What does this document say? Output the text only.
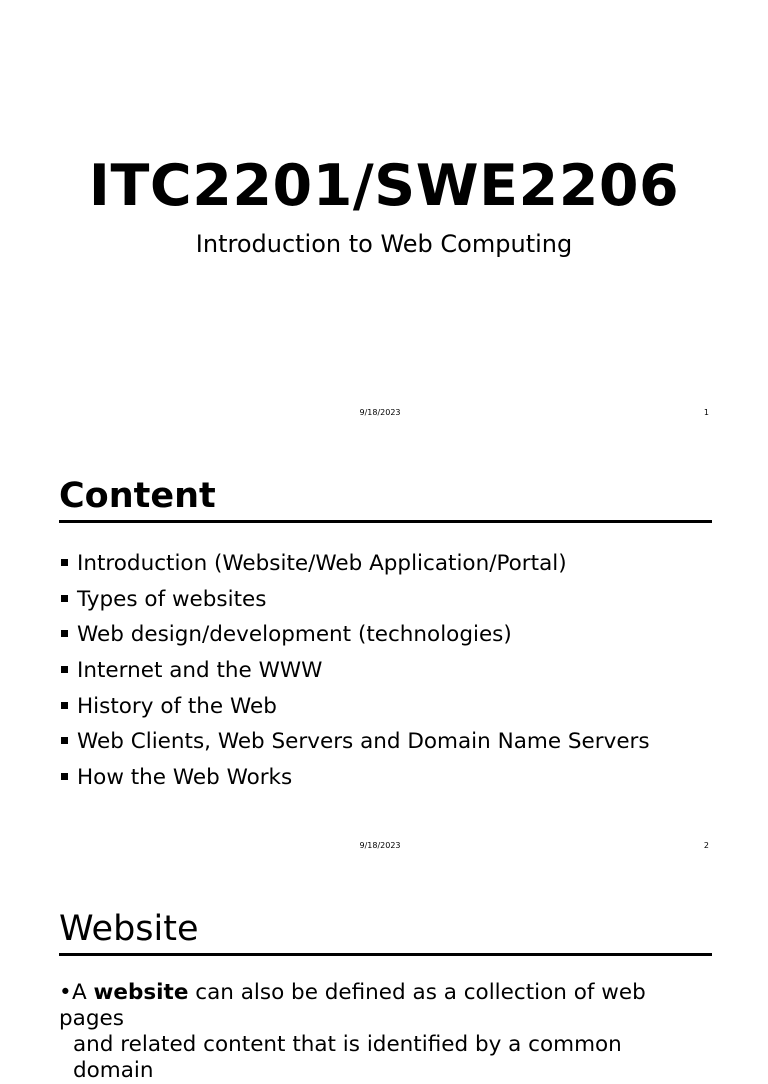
ITC2201/SWE2206
Introduction to Web Computing
9/18/2023	1
Content
Introduction (Website/Web Application/Portal)
Types of websites
Web design/development (technologies)
Internet and the WWW
History of the Web
Web Clients, Web Servers and Domain Name Servers
How the Web Works
9/18/2023	2
Website
•A website can also be defined as a collection of web pages
and related content that is identified by a common domain
